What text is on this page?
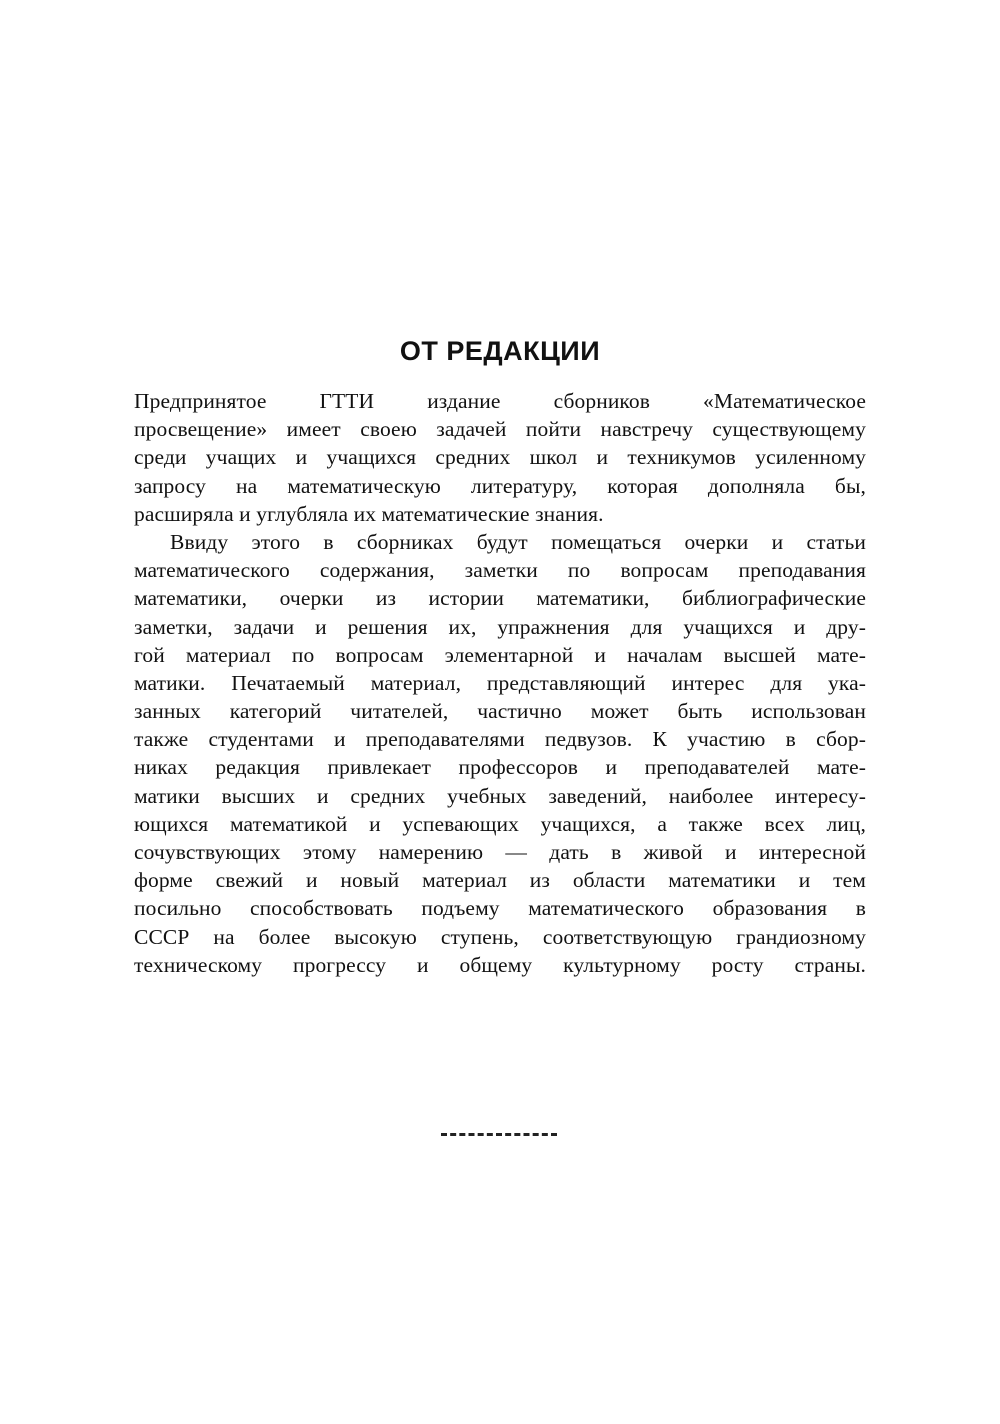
ОТ РЕДАКЦИИ
Предпринятое ГТТИ издание сборников «Математическое
просвещение» имеет своею задачей пойти навстречу существующему
среди учащих и учащихся средних школ и техникумов усиленному
запросу на математическую литературу, которая дополняла бы,
расширяла и углубляла их математические знания.
Ввиду этого в сборниках будут помещаться очерки и статьи
математического содержания, заметки по вопросам преподавания
математики, очерки из истории математики, библиографические
заметки, задачи и решения их, упражнения для учащихся и дру-
гой материал по вопросам элементарной и началам высшей мате-
матики. Печатаемый материал, представляющий интерес для ука-
занных категорий читателей, частично может быть использован
также студентами и преподавателями педвузов. К участию в сбор-
никах редакция привлекает профессоров и преподавателей мате-
матики высших и средних учебных заведений, наиболее интересу-
ющихся математикой и успевающих учащихся, а также всех лиц,
сочувствующих этому намерению — дать в живой и интересной
форме свежий и новый материал из области математики и тем
посильно способствовать подъему математического образования в
СССР на более высокую ступень, соответствующую грандиозному
техническому прогрессу и общему культурному росту страны.
